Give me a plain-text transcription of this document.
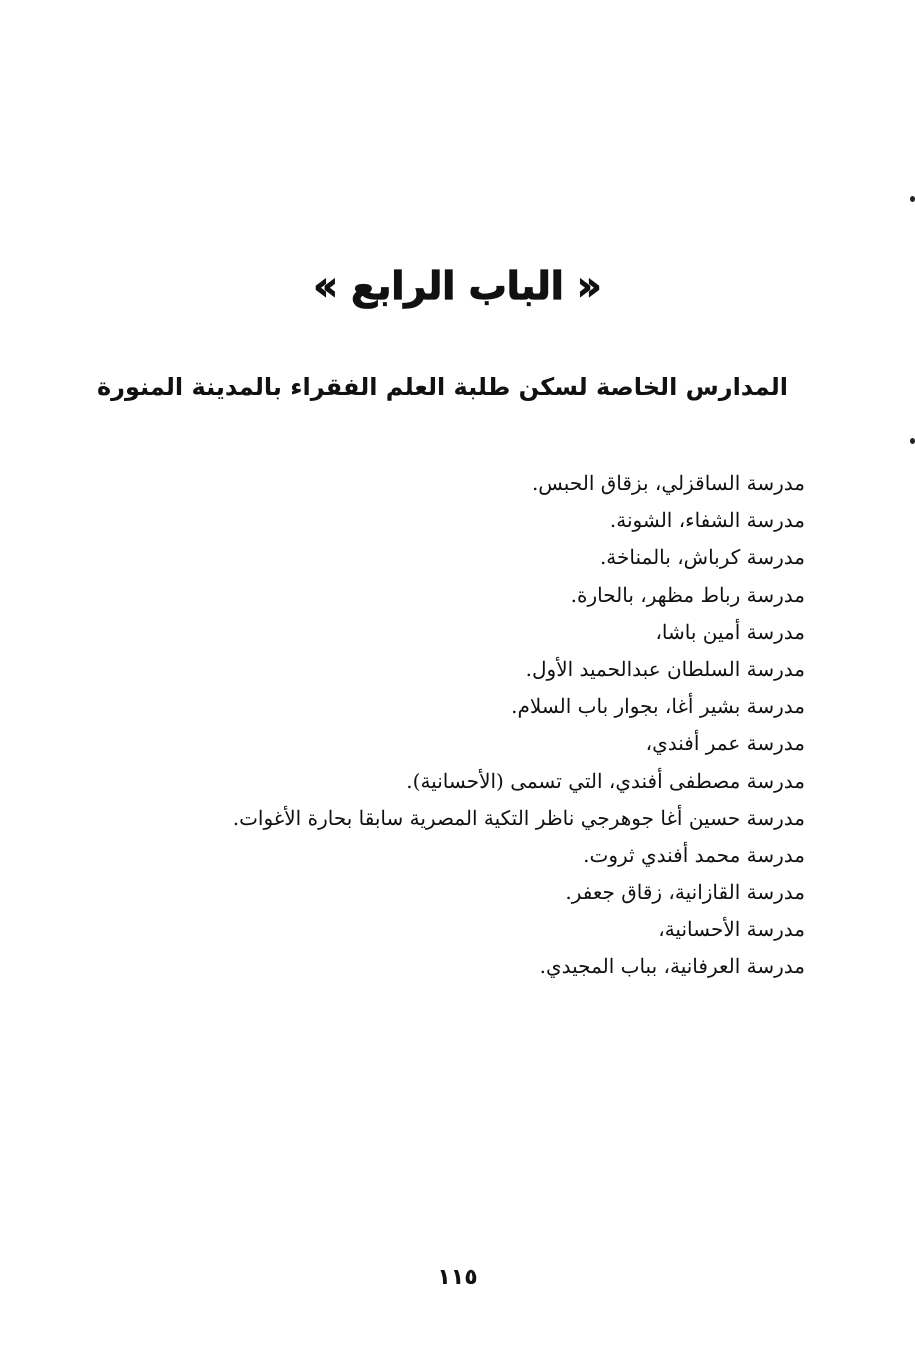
« الباب الرابع »
المدارس الخاصة لسكن طلبة العلم الفقراء بالمدينة المنورة
مدرسة الساقزلي، بزقاق الحبس.
مدرسة الشفاء، الشونة.
مدرسة كرباش، بالمناخة.
مدرسة رباط مظهر، بالحارة.
مدرسة أمين باشا،
مدرسة السلطان عبدالحميد الأول.
مدرسة بشير أغا، بجوار باب السلام.
مدرسة عمر أفندي،
مدرسة مصطفى أفندي، التي تسمى (الأحسانية).
مدرسة حسين أغا جوهرجي ناظر التكية المصرية سابقا بحارة الأغوات.
مدرسة محمد أفندي ثروت.
مدرسة القازانية، زقاق جعفر.
مدرسة الأحسانية،
مدرسة العرفانية، بباب المجيدي.
١١٥
